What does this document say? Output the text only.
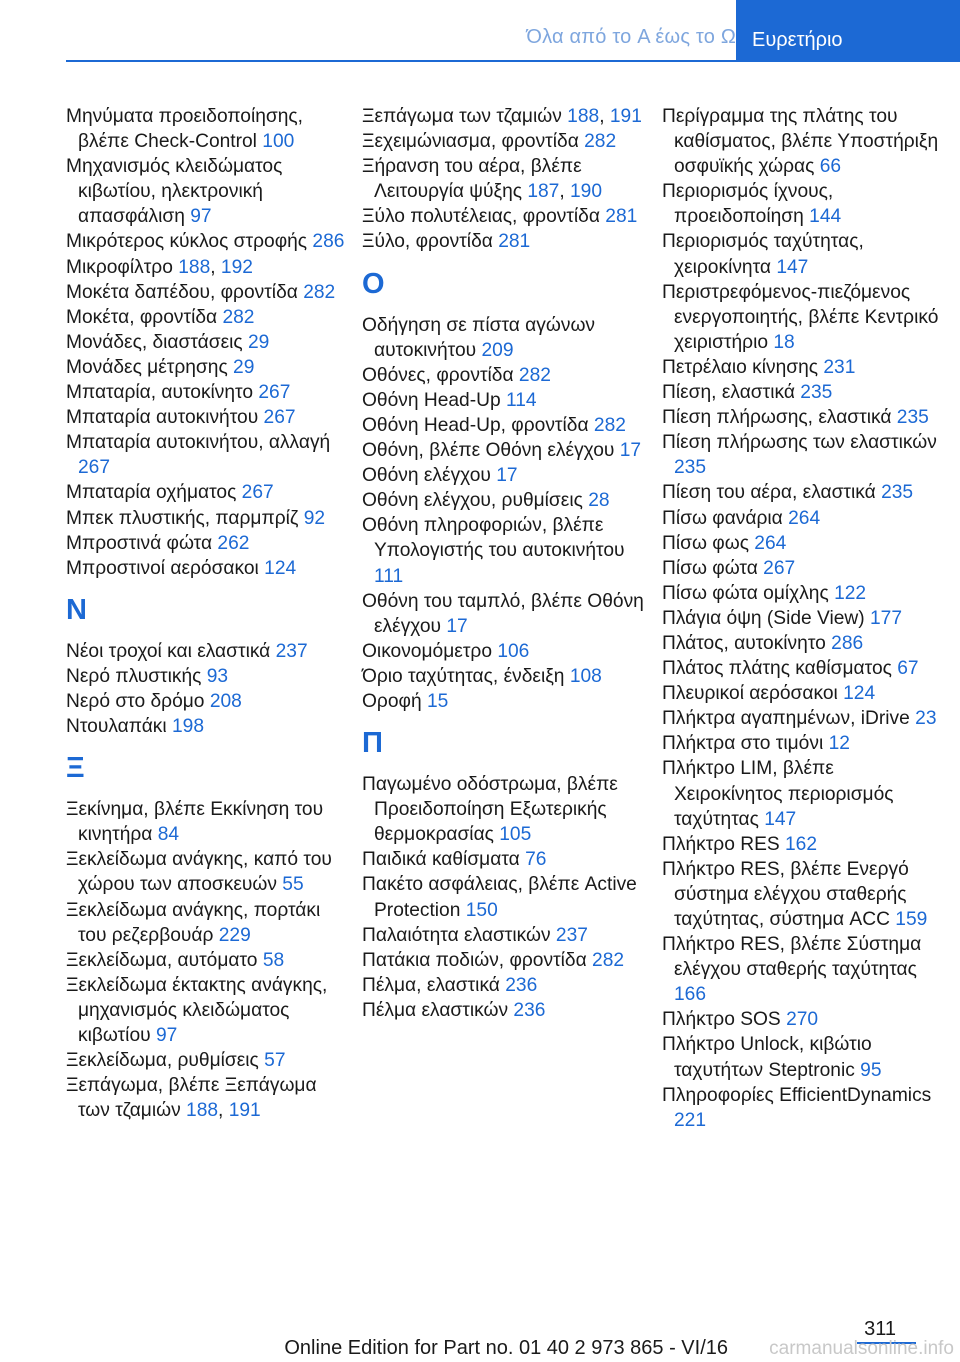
Όλα από το A έως το Ω Ευρετήριο
Μηνύματα προειδοποίησης, βλέπε Check-Control 100
Μηχανισμός κλειδώματος κιβωτίου, ηλεκτρονική απασφάλιση 97
Μικρότερος κύκλος στροφής 286
Μικροφίλτρο 188, 192
Μοκέτα δαπέδου, φροντίδα 282
Μοκέτα, φροντίδα 282
Μονάδες, διαστάσεις 29
Μονάδες μέτρησης 29
Μπαταρία, αυτοκίνητο 267
Μπαταρία αυτοκινήτου 267
Μπαταρία αυτοκινήτου, αλλαγή 267
Μπαταρία οχήματος 267
Μπεκ πλυστικής, παρμπρίζ 92
Μπροστινά φώτα 262
Μπροστινοί αερόσακοι 124
Ν
Νέοι τροχοί και ελαστικά 237
Νερό πλυστικής 93
Νερό στο δρόμο 208
Ντουλαπάκι 198
Ξ
Ξεκίνημα, βλέπε Εκκίνηση του κινητήρα 84
Ξεκλείδωμα ανάγκης, καπό του χώρου των αποσκευών 55
Ξεκλείδωμα ανάγκης, πορτάκι του ρεζερβουάρ 229
Ξεκλείδωμα, αυτόματο 58
Ξεκλείδωμα έκτακτης ανάγκης, μηχανισμός κλειδώματος κιβωτίου 97
Ξεκλείδωμα, ρυθμίσεις 57
Ξεπάγωμα, βλέπε Ξεπάγωμα των τζαμιών 188, 191
Ξεπάγωμα των τζαμιών 188, 191
Ξεχειμώνιασμα, φροντίδα 282
Ξήρανση του αέρα, βλέπε Λειτουργία ψύξης 187, 190
Ξύλο πολυτέλειας, φροντίδα 281
Ξύλο, φροντίδα 281
Ο
Οδήγηση σε πίστα αγώνων αυτοκινήτου 209
Οθόνες, φροντίδα 282
Οθόνη Head-Up 114
Οθόνη Head-Up, φροντίδα 282
Οθόνη, βλέπε Οθόνη ελέγχου 17
Οθόνη ελέγχου 17
Οθόνη ελέγχου, ρυθμίσεις 28
Οθόνη πληροφοριών, βλέπε Υπολογιστής του αυτοκινήτου 111
Οθόνη του ταμπλό, βλέπε Οθόνη ελέγχου 17
Οικονομόμετρο 106
Όριο ταχύτητας, ένδειξη 108
Οροφή 15
Π
Παγωμένο οδόστρωμα, βλέπε Προειδοποίηση Εξωτερικής θερμοκρασίας 105
Παιδικά καθίσματα 76
Πακέτο ασφάλειας, βλέπε Active Protection 150
Παλαιότητα ελαστικών 237
Πατάκια ποδιών, φροντίδα 282
Πέλμα, ελαστικά 236
Πέλμα ελαστικών 236
Περίγραμμα της πλάτης του καθίσματος, βλέπε Υποστήριξη οσφυϊκής χώρας 66
Περιορισμός ίχνους, προειδοποίηση 144
Περιορισμός ταχύτητας, χειροκίνητα 147
Περιστρεφόμενος-πιεζόμενος ενεργοποιητής, βλέπε Κεντρικό χειριστήριο 18
Πετρέλαιο κίνησης 231
Πίεση, ελαστικά 235
Πίεση πλήρωσης, ελαστικά 235
Πίεση πλήρωσης των ελαστικών 235
Πίεση του αέρα, ελαστικά 235
Πίσω φανάρια 264
Πίσω φως 264
Πίσω φώτα 267
Πίσω φώτα ομίχλης 122
Πλάγια όψη (Side View) 177
Πλάτος, αυτοκίνητο 286
Πλάτος πλάτης καθίσματος 67
Πλευρικοί αερόσακοι 124
Πλήκτρα αγαπημένων, iDrive 23
Πλήκτρα στο τιμόνι 12
Πλήκτρο LIM, βλέπε Χειροκίνητος περιορισμός ταχύτητας 147
Πλήκτρο RES 162
Πλήκτρο RES, βλέπε Ενεργό σύστημα ελέγχου σταθερής ταχύτητας, σύστημα ACC 159
Πλήκτρο RES, βλέπε Σύστημα ελέγχου σταθερής ταχύτητας 166
Πλήκτρο SOS 270
Πλήκτρο Unlock, κιβώτιο ταχυτήτων Steptronic 95
Πληροφορίες EfficientDynamics 221
311
Online Edition for Part no. 01 40 2 973 865 - VI/16 carmanualsonline.info
